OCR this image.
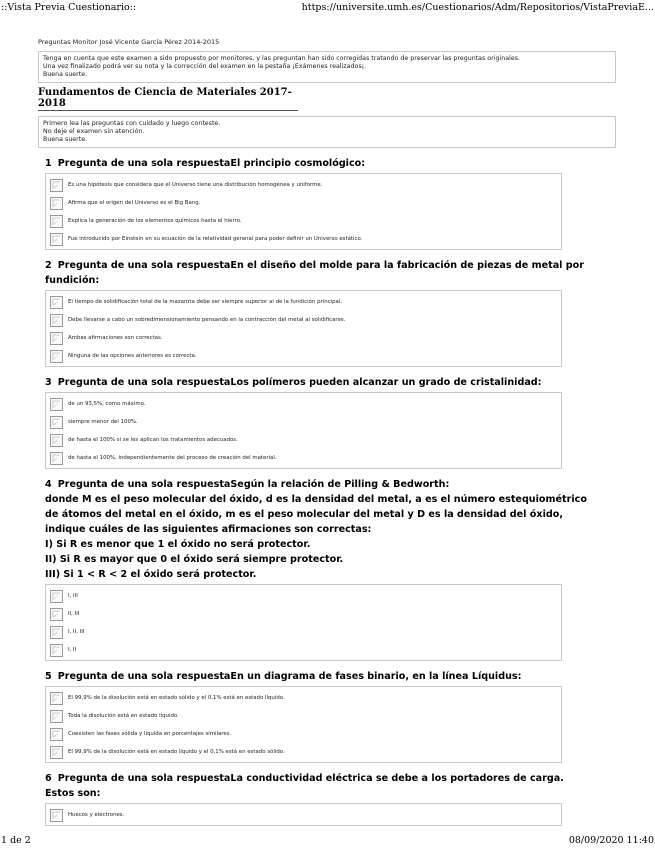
::Vista Previa Cuestionario::	https://universite.umh.es/Cuestionarios/Adm/Repositorios/VistaPreviaE...
Preguntas Monitor José Vicente García Pérez 2014-2015
Tenga en cuenta que este examen a sido propuesto por monitores, y las preguntan han sido corregidas tratando de preservar las preguntas originales.
Una vez finalizado podrá ver su nota y la corrección del examen en la pestaña ¡Exámenes realizados¡.
Buena suerte.
Fundamentos de Ciencia de Materiales 2017-2018
Primero lea las preguntas con cuidado y luego conteste.
No deje el examen sin atención.
Buena suerte.
1 Pregunta de una sola respuestaEl principio cosmológico:
Es una hipótesis que considera que el Universo tiene una distribución homogénea y uniforme.
Afirma que el origen del Universo es el Big Bang.
Explica la generación de los elementos químicos hasta el hierro.
Fue introducido por Einstein en su ecuación de la relatividad general para poder definir un Universo estático.
2 Pregunta de una sola respuestaEn el diseño del molde para la fabricación de piezas de metal por
fundición:
El tiempo de solidificación total de la mazarota debe ser siempre superior al de la fundición principal.
Debe llevarse a cabo un sobredimensionamiento pensando en la contracción del metal al solidificarse.
Ambas afirmaciones son correctas.
Ninguna de las opciones anteriores es correcta.
3 Pregunta de una sola respuestaLos polímeros pueden alcanzar un grado de cristalinidad:
de un 93,5%, como máximo.
siempre menor del 100%.
de hasta el 100% si se les aplican los tratamientos adecuados.
de hasta el 100%, independientemente del proceso de creación del material.
4 Pregunta de una sola respuestaSegún la relación de Pilling & Bedworth:
donde M es el peso molecular del óxido, d es la densidad del metal, a es el número estequiométrico
de átomos del metal en el óxido, m es el peso molecular del metal y D es la densidad del óxido,
indique cuáles de las siguientes afirmaciones son correctas:
I) Si R es menor que 1 el óxido no será protector.
II) Si R es mayor que 0 el óxido será siempre protector.
III) Si 1 < R < 2 el óxido será protector.
I, III
II, III
I, II, III
I, II
5 Pregunta de una sola respuestaEn un diagrama de fases binario, en la línea Líquidus:
El 99,9% de la disolución está en estado sólido y el 0,1% está en estado líquido.
Toda la disolución está en estado líquido.
Coexisten las fases sólida y líquida en porcentajes similares.
El 99,9% de la disolución está en estado líquido y el 0,1% está en estado sólido.
6 Pregunta de una sola respuestaLa conductividad eléctrica se debe a los portadores de carga.
Estos son:
Huecos y electrones.
1 de 2	08/09/2020 11:40
